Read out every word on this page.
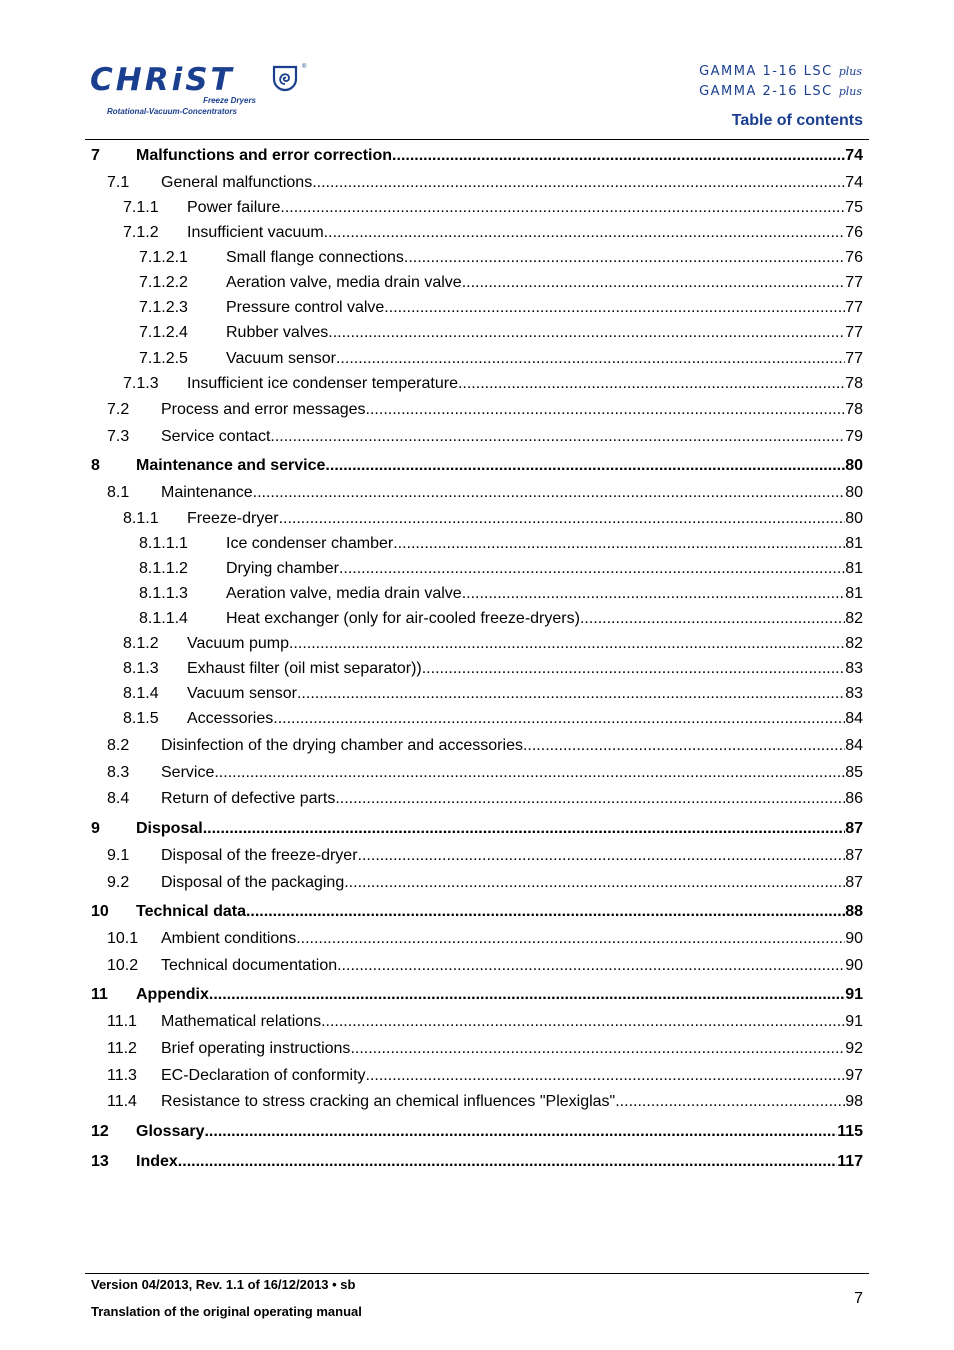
CHRiST	®
Freeze Dryers
Rotational-Vacuum-Concentrators
GAMMA 1-16 LSC plus
GAMMA 2-16 LSC plus
Table of contents
7 Malfunctions and error correction .....	74
7.1 General malfunctions .....	74
7.1.1 Power failure .....	75
7.1.2 Insufficient vacuum .....	76
7.1.2.1 Small flange connections .....	76
7.1.2.2 Aeration valve, media drain valve .....	77
7.1.2.3 Pressure control valve .....	77
7.1.2.4 Rubber valves .....	77
7.1.2.5 Vacuum sensor .....	77
7.1.3 Insufficient ice condenser temperature .....	78
7.2 Process and error messages .....	78
7.3 Service contact .....	79
8 Maintenance and service .....	80
8.1 Maintenance .....	80
8.1.1 Freeze-dryer .....	80
8.1.1.1 Ice condenser chamber .....	81
8.1.1.2 Drying chamber .....	81
8.1.1.3 Aeration valve, media drain valve .....	81
8.1.1.4 Heat exchanger (only for air-cooled freeze-dryers) .....	82
8.1.2 Vacuum pump .....	82
8.1.3 Exhaust filter (oil mist separator)) .....	83
8.1.4 Vacuum sensor .....	83
8.1.5 Accessories .....	84
8.2 Disinfection of the drying chamber and accessories .....	84
8.3 Service .....	85
8.4 Return of defective parts .....	86
9 Disposal .....	87
9.1 Disposal of the freeze-dryer .....	87
9.2 Disposal of the packaging .....	87
10 Technical data .....	88
10.1 Ambient conditions .....	90
10.2 Technical documentation .....	90
11 Appendix .....	91
11.1 Mathematical relations .....	91
11.2 Brief operating instructions .....	92
11.3 EC-Declaration of conformity .....	97
11.4 Resistance to stress cracking an chemical influences "Plexiglas" .....	98
12 Glossary .....	115
13 Index .....	117
Version 04/2013, Rev. 1.1 of 16/12/2013 • sb
Translation of the original operating manual
7
